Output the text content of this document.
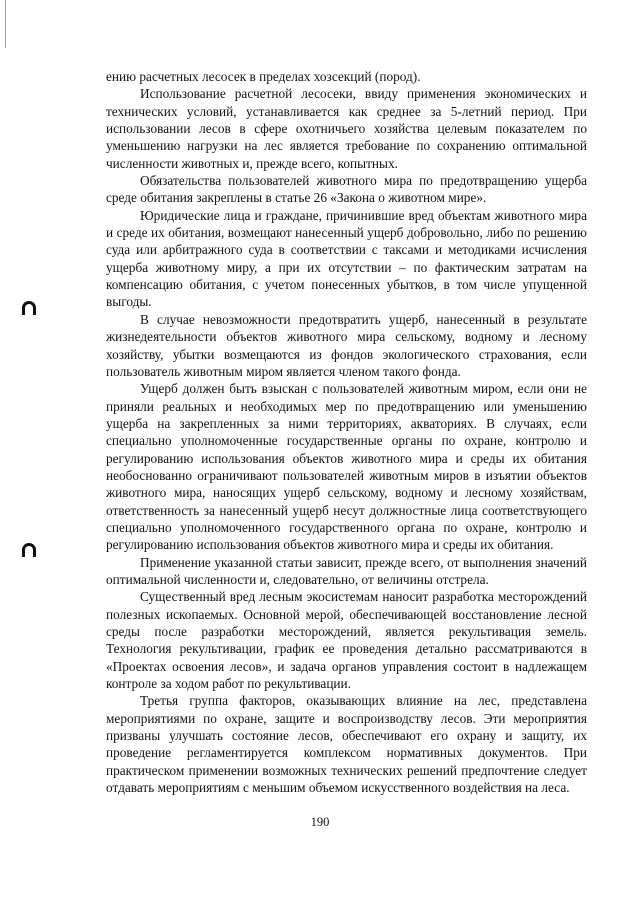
ению расчетных лесосек в пределах хозсекций (пород).

Использование расчетной лесосеки, ввиду применения экономических и технических условий, устанавливается как среднее за 5-летний период. При использовании лесов в сфере охотничьего хозяйства целевым показателем по уменьшению нагрузки на лес является требование по сохранению оптимальной численности животных и, прежде всего, копытных.

Обязательства пользователей животного мира по предотвращению ущерба среде обитания закреплены в статье 26 «Закона о животном мире».

Юридические лица и граждане, причинившие вред объектам животного мира и среде их обитания, возмещают нанесенный ущерб добровольно, либо по решению суда или арбитражного суда в соответствии с таксами и методиками исчисления ущерба животному миру, а при их отсутствии – по фактическим затратам на компенсацию обитания, с учетом понесенных убытков, в том числе упущенной выгоды.

В случае невозможности предотвратить ущерб, нанесенный в результате жизнедеятельности объектов животного мира сельскому, водному и лесному хозяйству, убытки возмещаются из фондов экологического страхования, если пользователь животным миром является членом такого фонда.

Ущерб должен быть взыскан с пользователей животным миром, если они не приняли реальных и необходимых мер по предотвращению или уменьшению ущерба на закрепленных за ними территориях, акваториях. В случаях, если специально уполномоченные государственные органы по охране, контролю и регулированию использования объектов животного мира и среды их обитания необоснованно ограничивают пользователей животным миров в изъятии объектов животного мира, наносящих ущерб сельскому, водному и лесному хозяйствам, ответственность за нанесенный ущерб несут должностные лица соответствующего специально уполномоченного государственного органа по охране, контролю и регулированию использования объектов животного мира и среды их обитания.

Применение указанной статьи зависит, прежде всего, от выполнения значений оптимальной численности и, следовательно, от величины отстрела.

Существенный вред лесным экосистемам наносит разработка месторождений полезных ископаемых. Основной мерой, обеспечивающей восстановление лесной среды после разработки месторождений, является рекультивация земель. Технология рекультивации, график ее проведения детально рассматриваются в «Проектах освоения лесов», и задача органов управления состоит в надлежащем контроле за ходом работ по рекультивации.

Третья группа факторов, оказывающих влияние на лес, представлена мероприятиями по охране, защите и воспроизводству лесов. Эти мероприятия призваны улучшать состояние лесов, обеспечивают его охрану и защиту, их проведение регламентируется комплексом нормативных документов. При практическом применении возможных технических решений предпочтение следует отдавать мероприятиям с меньшим объемом искусственного воздействия на леса.

190
